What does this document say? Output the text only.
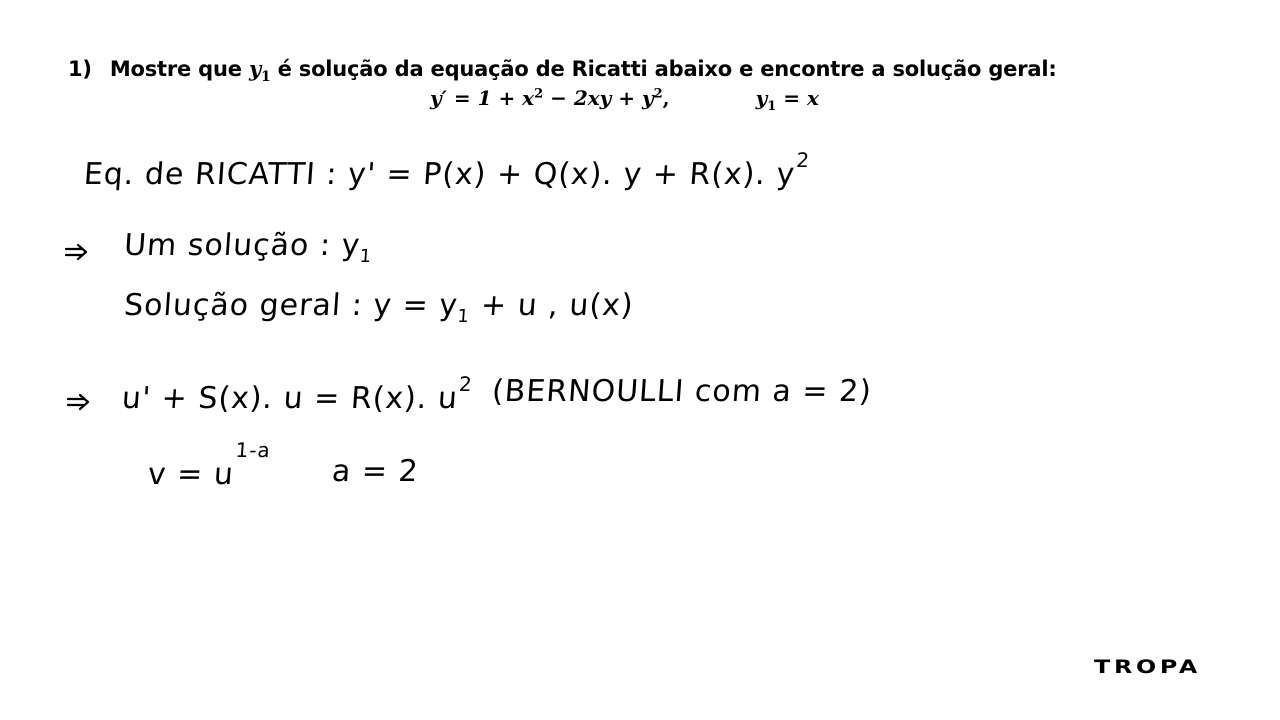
1) Mostre que $y_1$ é solução da equação de Ricatti abaixo e encontre a solução geral:
$y' = 1 + x^2 - 2xy + y^2$,	$y_1 = x$
Eq. de RICATTI : y' = P(x) + Q(x). y + R(x). $y^2$
Um solução : $y_1$
Solução geral : $y = y_1 + u$ , u(x)
u' + S(x). u = R(x). $u^2$ (BERNOULLI com a = 2)
$v = u^{1-a}$
a = 2
TROPA
